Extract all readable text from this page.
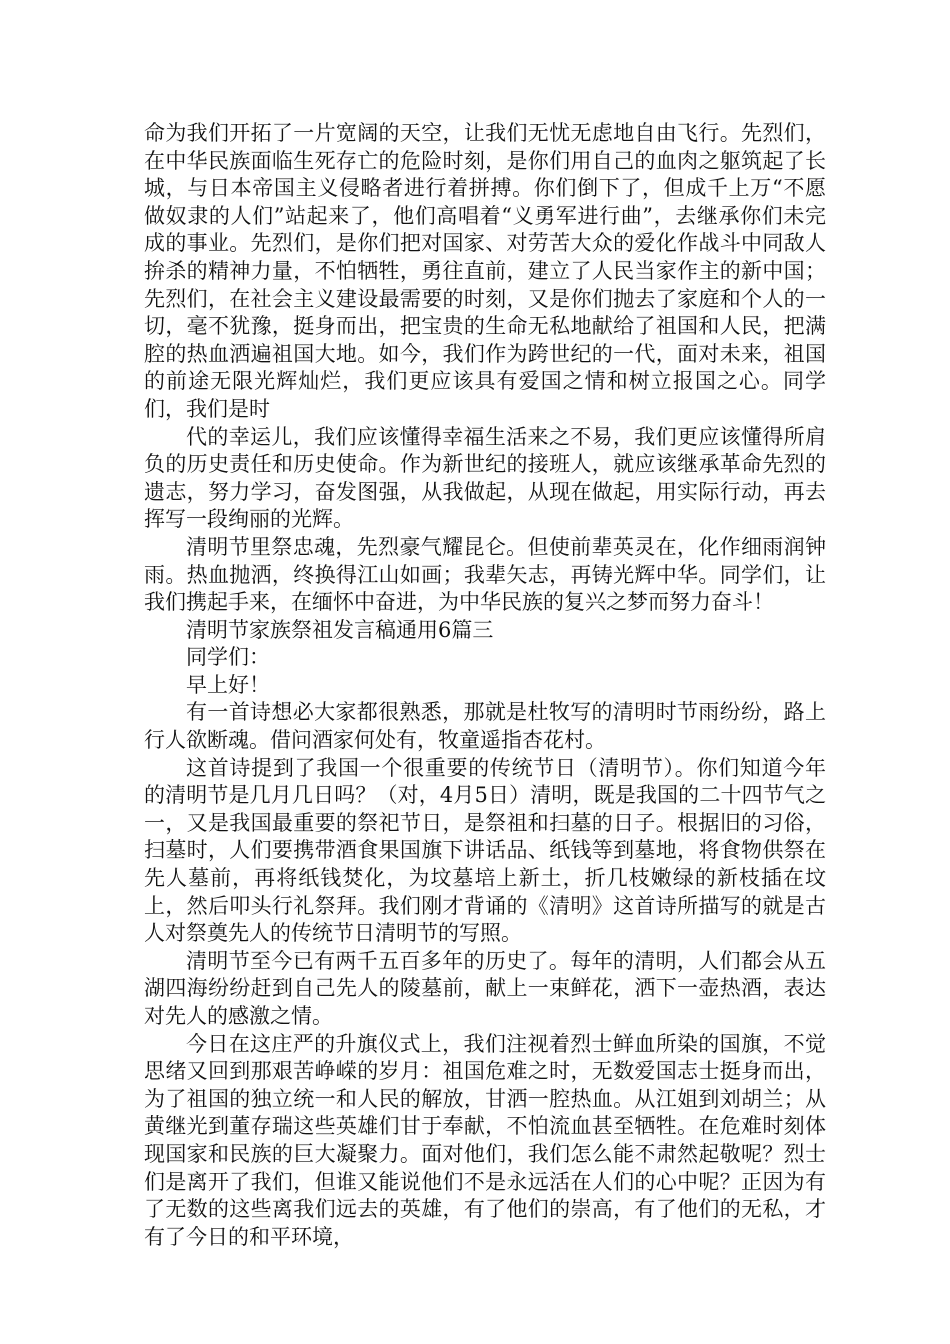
命为我们开拓了一片宽阔的天空，让我们无忧无虑地自由飞行。先烈们，在中华民族面临生死存亡的危险时刻，是你们用自己的血肉之躯筑起了长城，与日本帝国主义侵略者进行着拼搏。你们倒下了，但成千上万“不愿做奴隶的人们”站起来了，他们高唱着“义勇军进行曲”，去继承你们未完成的事业。先烈们，是你们把对国家、对劳苦大众的爱化作战斗中同敌人拚杀的精神力量，不怕牺牲，勇往直前，建立了人民当家作主的新中国；先烈们，在社会主义建设最需要的时刻，又是你们抛去了家庭和个人的一切，毫不犹豫，挺身而出，把宝贵的生命无私地献给了祖国和人民，把满腔的热血洒遍祖国大地。如今，我们作为跨世纪的一代，面对未来，祖国的前途无限光辉灿烂，我们更应该具有爱国之情和树立报国之心。同学们，我们是时

代的幸运儿，我们应该懂得幸福生活来之不易，我们更应该懂得所肩负的历史责任和历史使命。作为新世纪的接班人，就应该继承革命先烈的遗志，努力学习，奋发图强，从我做起，从现在做起，用实际行动，再去挥写一段绚丽的光辉。

清明节里祭忠魂，先烈豪气耀昆仑。但使前辈英灵在，化作细雨润钟雨。热血抛洒，终换得江山如画；我辈矢志，再铸光辉中华。同学们，让我们携起手来，在缅怀中奋进，为中华民族的复兴之梦而努力奋斗！

清明节家族祭祖发言稿通用6篇三

同学们：

早上好！

有一首诗想必大家都很熟悉，那就是杜牧写的清明时节雨纷纷，路上行人欲断魂。借问酒家何处有，牧童遥指杏花村。

这首诗提到了我国一个很重要的传统节日（清明节）。你们知道今年的清明节是几月几日吗？（对，4月5日）清明，既是我国的二十四节气之一，又是我国最重要的祭祀节日，是祭祖和扫墓的日子。根据旧的习俗，扫墓时，人们要携带酒食果国旗下讲话品、纸钱等到墓地，将食物供祭在先人墓前，再将纸钱焚化，为坟墓培上新土，折几枝嫩绿的新枝插在坟上，然后叩头行礼祭拜。我们刚才背诵的《清明》这首诗所描写的就是古人对祭奠先人的传统节日清明节的写照。

清明节至今已有两千五百多年的历史了。每年的清明，人们都会从五湖四海纷纷赶到自己先人的陵墓前，献上一束鲜花，洒下一壶热酒，表达对先人的感激之情。

今日在这庄严的升旗仪式上，我们注视着烈士鲜血所染的国旗，不觉思绪又回到那艰苦峥嵘的岁月：祖国危难之时，无数爱国志士挺身而出，为了祖国的独立统一和人民的解放，甘洒一腔热血。从江姐到刘胡兰；从黄继光到董存瑞这些英雄们甘于奉献，不怕流血甚至牺牲。在危难时刻体现国家和民族的巨大凝聚力。面对他们，我们怎么能不肃然起敬呢？烈士们是离开了我们，但谁又能说他们不是永远活在人们的心中呢？正因为有了无数的这些离我们远去的英雄，有了他们的崇高，有了他们的无私，才有了今日的和平环境，
